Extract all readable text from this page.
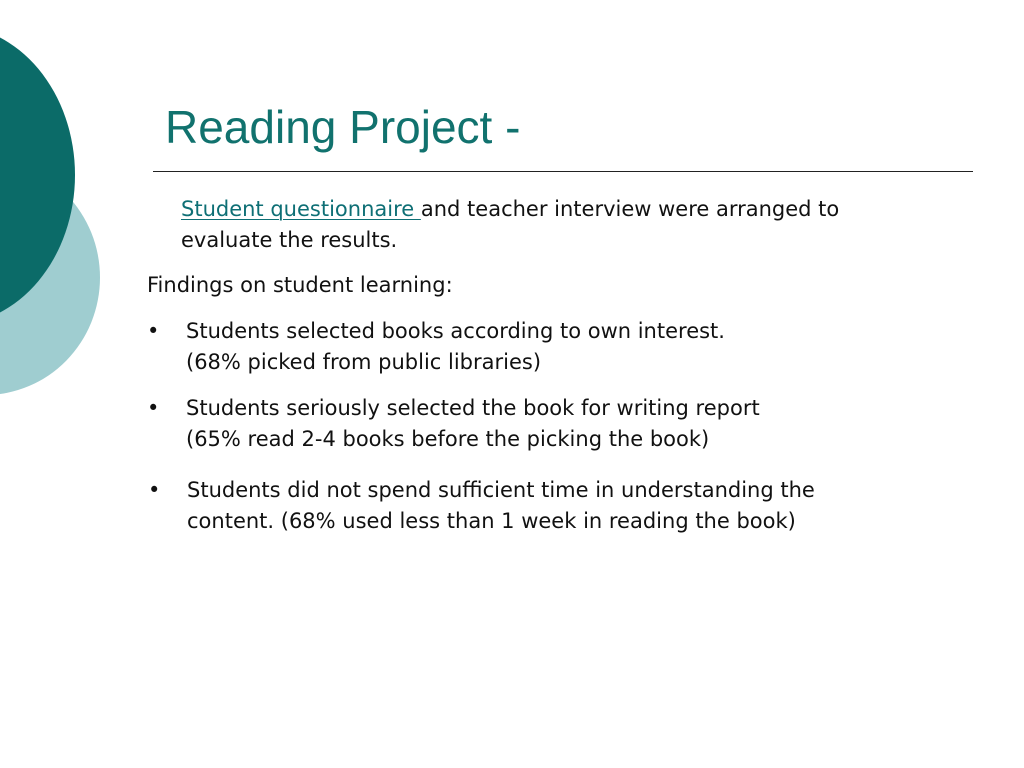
Reading Project -

Student questionnaire and teacher interview were arranged to evaluate the results.

Findings on student learning:

•	Students selected books according to own interest.
(68% picked from public libraries)

•	Students seriously selected the book for writing report
(65% read 2-4 books before the picking the book)

•	Students did not spend sufficient time in understanding the content. (68% used less than 1 week in reading the book)
